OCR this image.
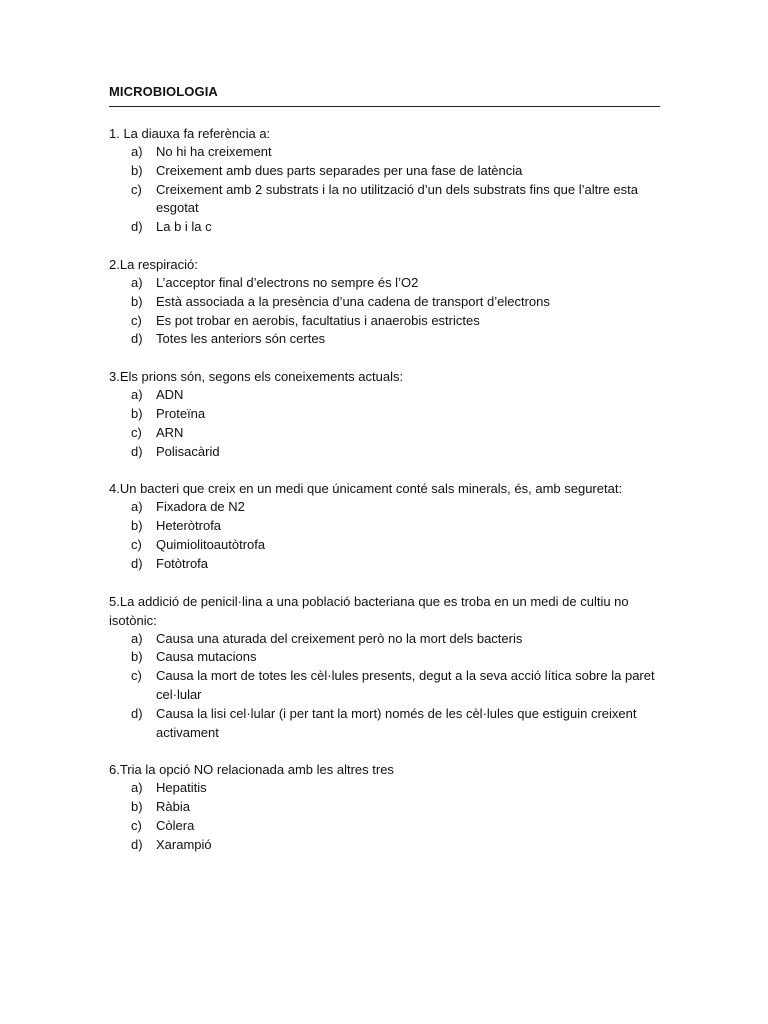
MICROBIOLOGIA

1. La diauxa fa referència a:

a)	No hi ha creixement
b)	Creixement amb dues parts separades per una fase de latència
c)	Creixement amb 2 substrats i la no utilització d’un dels substrats fins que l’altre esta esgotat
d)	La b i la c

2.La respiració:

a)	L’acceptor final d’electrons no sempre és l’O2
b)	Està associada a la presència d’una cadena de transport d’electrons
c)	Es pot trobar en aerobis, facultatius i anaerobis estrictes
d)	Totes les anteriors són certes

3.Els prions són, segons els coneixements actuals:

a)	ADN
b)	Proteïna
c)	ARN
d)	Polisacàrid

4.Un bacteri que creix en un medi que únicament conté sals minerals, és, amb seguretat:

a)	Fixadora de N2
b)	Heteròtrofa
c)	Quimiolitoautòtrofa
d)	Fotòtrofa

5.La addició de penicil·lina a una població bacteriana que es troba en un medi de cultiu no isotònic:

a)	Causa una aturada del creixement però no la mort dels bacteris
b)	Causa mutacions
c)	Causa la mort de totes les cèl·lules presents, degut a la seva acció lítica sobre la paret cel·lular
d)	Causa la lisi cel·lular (i per tant la mort) només de les cèl·lules que estiguin creixent activament

6.Tria la opció NO relacionada amb les altres tres

a)	Hepatitis
b)	Ràbia
c)	Còlera
d)	Xarampió
